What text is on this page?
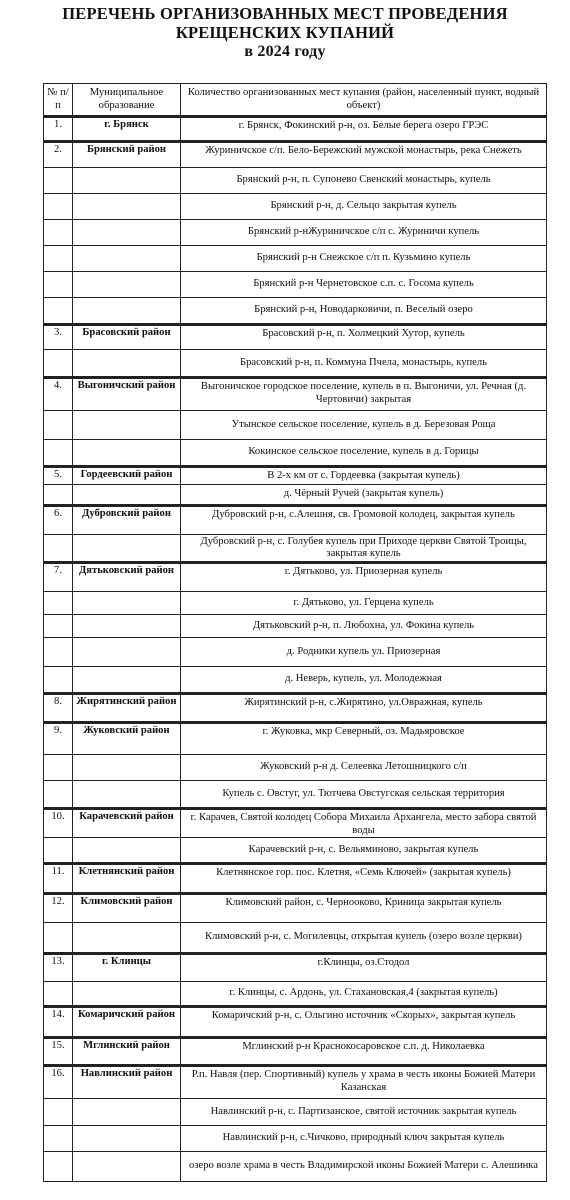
ПЕРЕЧЕНЬ ОРГАНИЗОВАННЫХ МЕСТ ПРОВЕДЕНИЯ
КРЕЩЕНСКИХ КУПАНИЙ
в 2024 году
№ п/п	Муниципальное образование	Количество организованных мест купания (район, населенный пункт, водный объект)
1.	г. Брянск	г. Брянск, Фокинский р-н, оз. Белые берега озеро ГРЭС
2.	Брянский район	Журиничское с/п. Бело-Бережский мужской монастырь, река Снежеть
		Брянский р-н, п. Супонево Свенский монастырь, купель
		Брянский р-н, д. Сельцо закрытая купель
		Брянский р-нЖуриничское с/п с. Журиничи купель
		Брянский р-н Снежское с/п п. Кузьмино купель
		Брянский р-н Чернетовское с.п. с. Госома купель
		Брянский р-н, Новодарковичи, п. Веселый озеро
3.	Брасовский район	Брасовский р-н, п. Холмецкий Хутор, купель
		Брасовский р-н, п. Коммуна Пчела, монастырь, купель
4.	Выгоничский район	Выгоничское городское поселение, купель в п. Выгоничи, ул. Речная (д. Чертовичи) закрытая
		Утынское сельское поселение, купель в д. Березовая Роща
		Кокинское сельское поселение, купель в д. Горицы
5.	Гордеевский район	В 2-х км от с. Гордеевка (закрытая купель)
		д. Чёрный Ручей (закрытая купель)
6.	Дубровский район	Дубровский р-н, с.Алешня, св. Громовой колодец, закрытая купель
		Дубровский р-н, с. Голубея купель при Приходе церкви Святой Троицы, закрытая купель
7.	Дятьковский район	г. Дятьково, ул. Приозерная купель
		г. Дятьково, ул. Герцена купель
		Дятьковский р-н, п. Любохна, ул. Фокина купель
		д. Родники купель ул. Приозерная
		д. Неверь, купель, ул. Молодежная
8.	Жирятинский район	Жирятинский р-н, с.Жирятино, ул.Овражная, купель
9.	Жуковский район	г. Жуковка, мкр Северный, оз. Мадьяровское
		Жуковский р-н д. Селеевка Летошницкого с/п
		Купель с. Овстуг, ул. Тютчева Овстугская сельская территория
10.	Карачевский район	г. Карачев, Святой колодец Собора Михаила Архангела, место забора святой воды
		Карачевский р-н, с. Вельяминово, закрытая купель
11.	Клетнянский район	Клетнянское гор. пос. Клетня, «Семь Ключей» (закрытая купель)
12.	Климовский район	Климовский район, с. Чернооково, Криница закрытая купель
		Климовский р-н, с. Могилевцы, открытая купель (озеро возле церкви)
13.	г. Клинцы	г.Клинцы, оз.Стодол
		г. Клинцы, с. Ардонь, ул. Стахановская,4 (закрытая купель)
14.	Комаричский район	Комаричский р-н, с. Ольгино источник «Скорых», закрытая купель
15.	Мглинский район	Мглинский р-н Краснокосаровское с.п. д. Николаевка
16.	Навлинский район	Р.п. Навля (пер. Спортивный) купель у храма в честь иконы Божией Матери Казанская
		Навлинский р-н, с. Партизанское, святой источник закрытая купель
		Навлинский р-н, с.Чичково, природный ключ закрытая купель
		озеро возле храма в честь Владимирской иконы Божией Матери с. Алешинка
